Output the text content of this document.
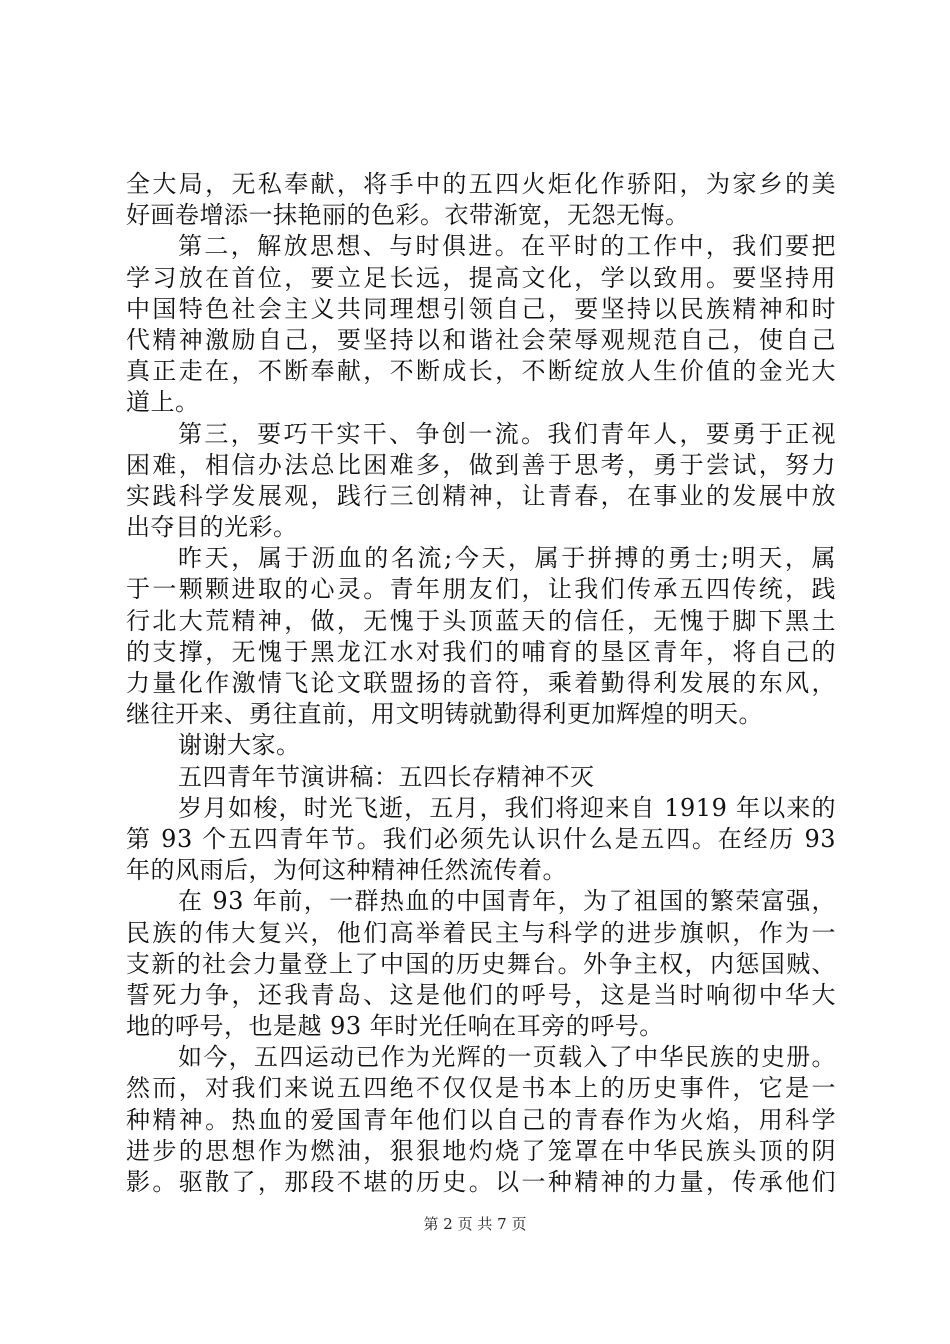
全大局，无私奉献，将手中的五四火炬化作骄阳，为家乡的美
好画卷增添一抹艳丽的色彩。衣带渐宽，无怨无悔。
第二，解放思想、与时俱进。在平时的工作中，我们要把
学习放在首位，要立足长远，提高文化，学以致用。要坚持用
中国特色社会主义共同理想引领自己，要坚持以民族精神和时
代精神激励自己，要坚持以和谐社会荣辱观规范自己，使自己
真正走在，不断奉献，不断成长，不断绽放人生价值的金光大
道上。
第三，要巧干实干、争创一流。我们青年人，要勇于正视
困难，相信办法总比困难多，做到善于思考，勇于尝试，努力
实践科学发展观，践行三创精神，让青春，在事业的发展中放
出夺目的光彩。
昨天，属于沥血的名流;今天，属于拼搏的勇士;明天，属
于一颗颗进取的心灵。青年朋友们，让我们传承五四传统，践
行北大荒精神，做，无愧于头顶蓝天的信任，无愧于脚下黑土
的支撑，无愧于黑龙江水对我们的哺育的垦区青年，将自己的
力量化作激情飞论文联盟扬的音符，乘着勤得利发展的东风，
继往开来、勇往直前，用文明铸就勤得利更加辉煌的明天。
谢谢大家。
五四青年节演讲稿：五四长存精神不灭
岁月如梭，时光飞逝，五月，我们将迎来自 1919 年以来的
第 93 个五四青年节。我们必须先认识什么是五四。在经历 93
年的风雨后，为何这种精神任然流传着。
在 93 年前，一群热血的中国青年，为了祖国的繁荣富强，
民族的伟大复兴，他们高举着民主与科学的进步旗帜，作为一
支新的社会力量登上了中国的历史舞台。外争主权，内惩国贼、
誓死力争，还我青岛、这是他们的呼号，这是当时响彻中华大
地的呼号，也是越 93 年时光任响在耳旁的呼号。
如今，五四运动已作为光辉的一页载入了中华民族的史册。
然而，对我们来说五四绝不仅仅是书本上的历史事件，它是一
种精神。热血的爱国青年他们以自己的青春作为火焰，用科学
进步的思想作为燃油，狠狠地灼烧了笼罩在中华民族头顶的阴
影。驱散了，那段不堪的历史。以一种精神的力量，传承他们
第 2 页 共 7 页
